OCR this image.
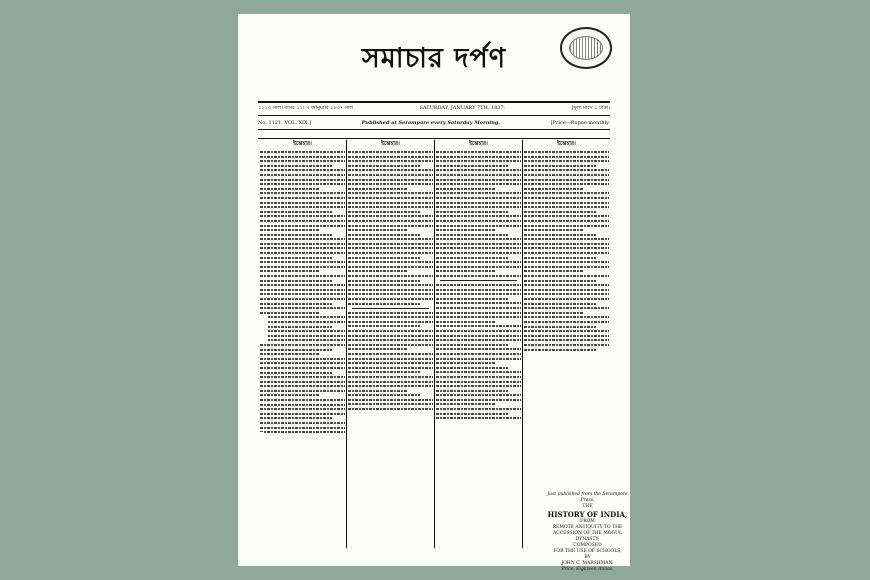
সমাচার দর্পণ
১২১৩ সাল। বাসর ১২। ৭ জানুয়ারি ১৮৩৭ সাল	SATURDAY, JANUARY 7TH, 1837.	[মূল্য মাসে ১ টাকা।
No. 1121. VOL. XIX.]	Published at Serampore every Saturday Morning.	[Price—Rupee monthly.
ইশ্তেহার।	ইশ্তেহার।	ইশ্তেহার।	ইশ্তেহার।
Just published from the Serampore Press,
THE
HISTORY OF INDIA,
FROM
REMOTE ANTIQUITY TO THE ACCESSION OF THE MOGUL DYNASTY;
COMPOSED
FOR THE USE OF SCHOOLS,
BY
JOHN C. MARSHMAN.
Price, Eighteen Annas.
